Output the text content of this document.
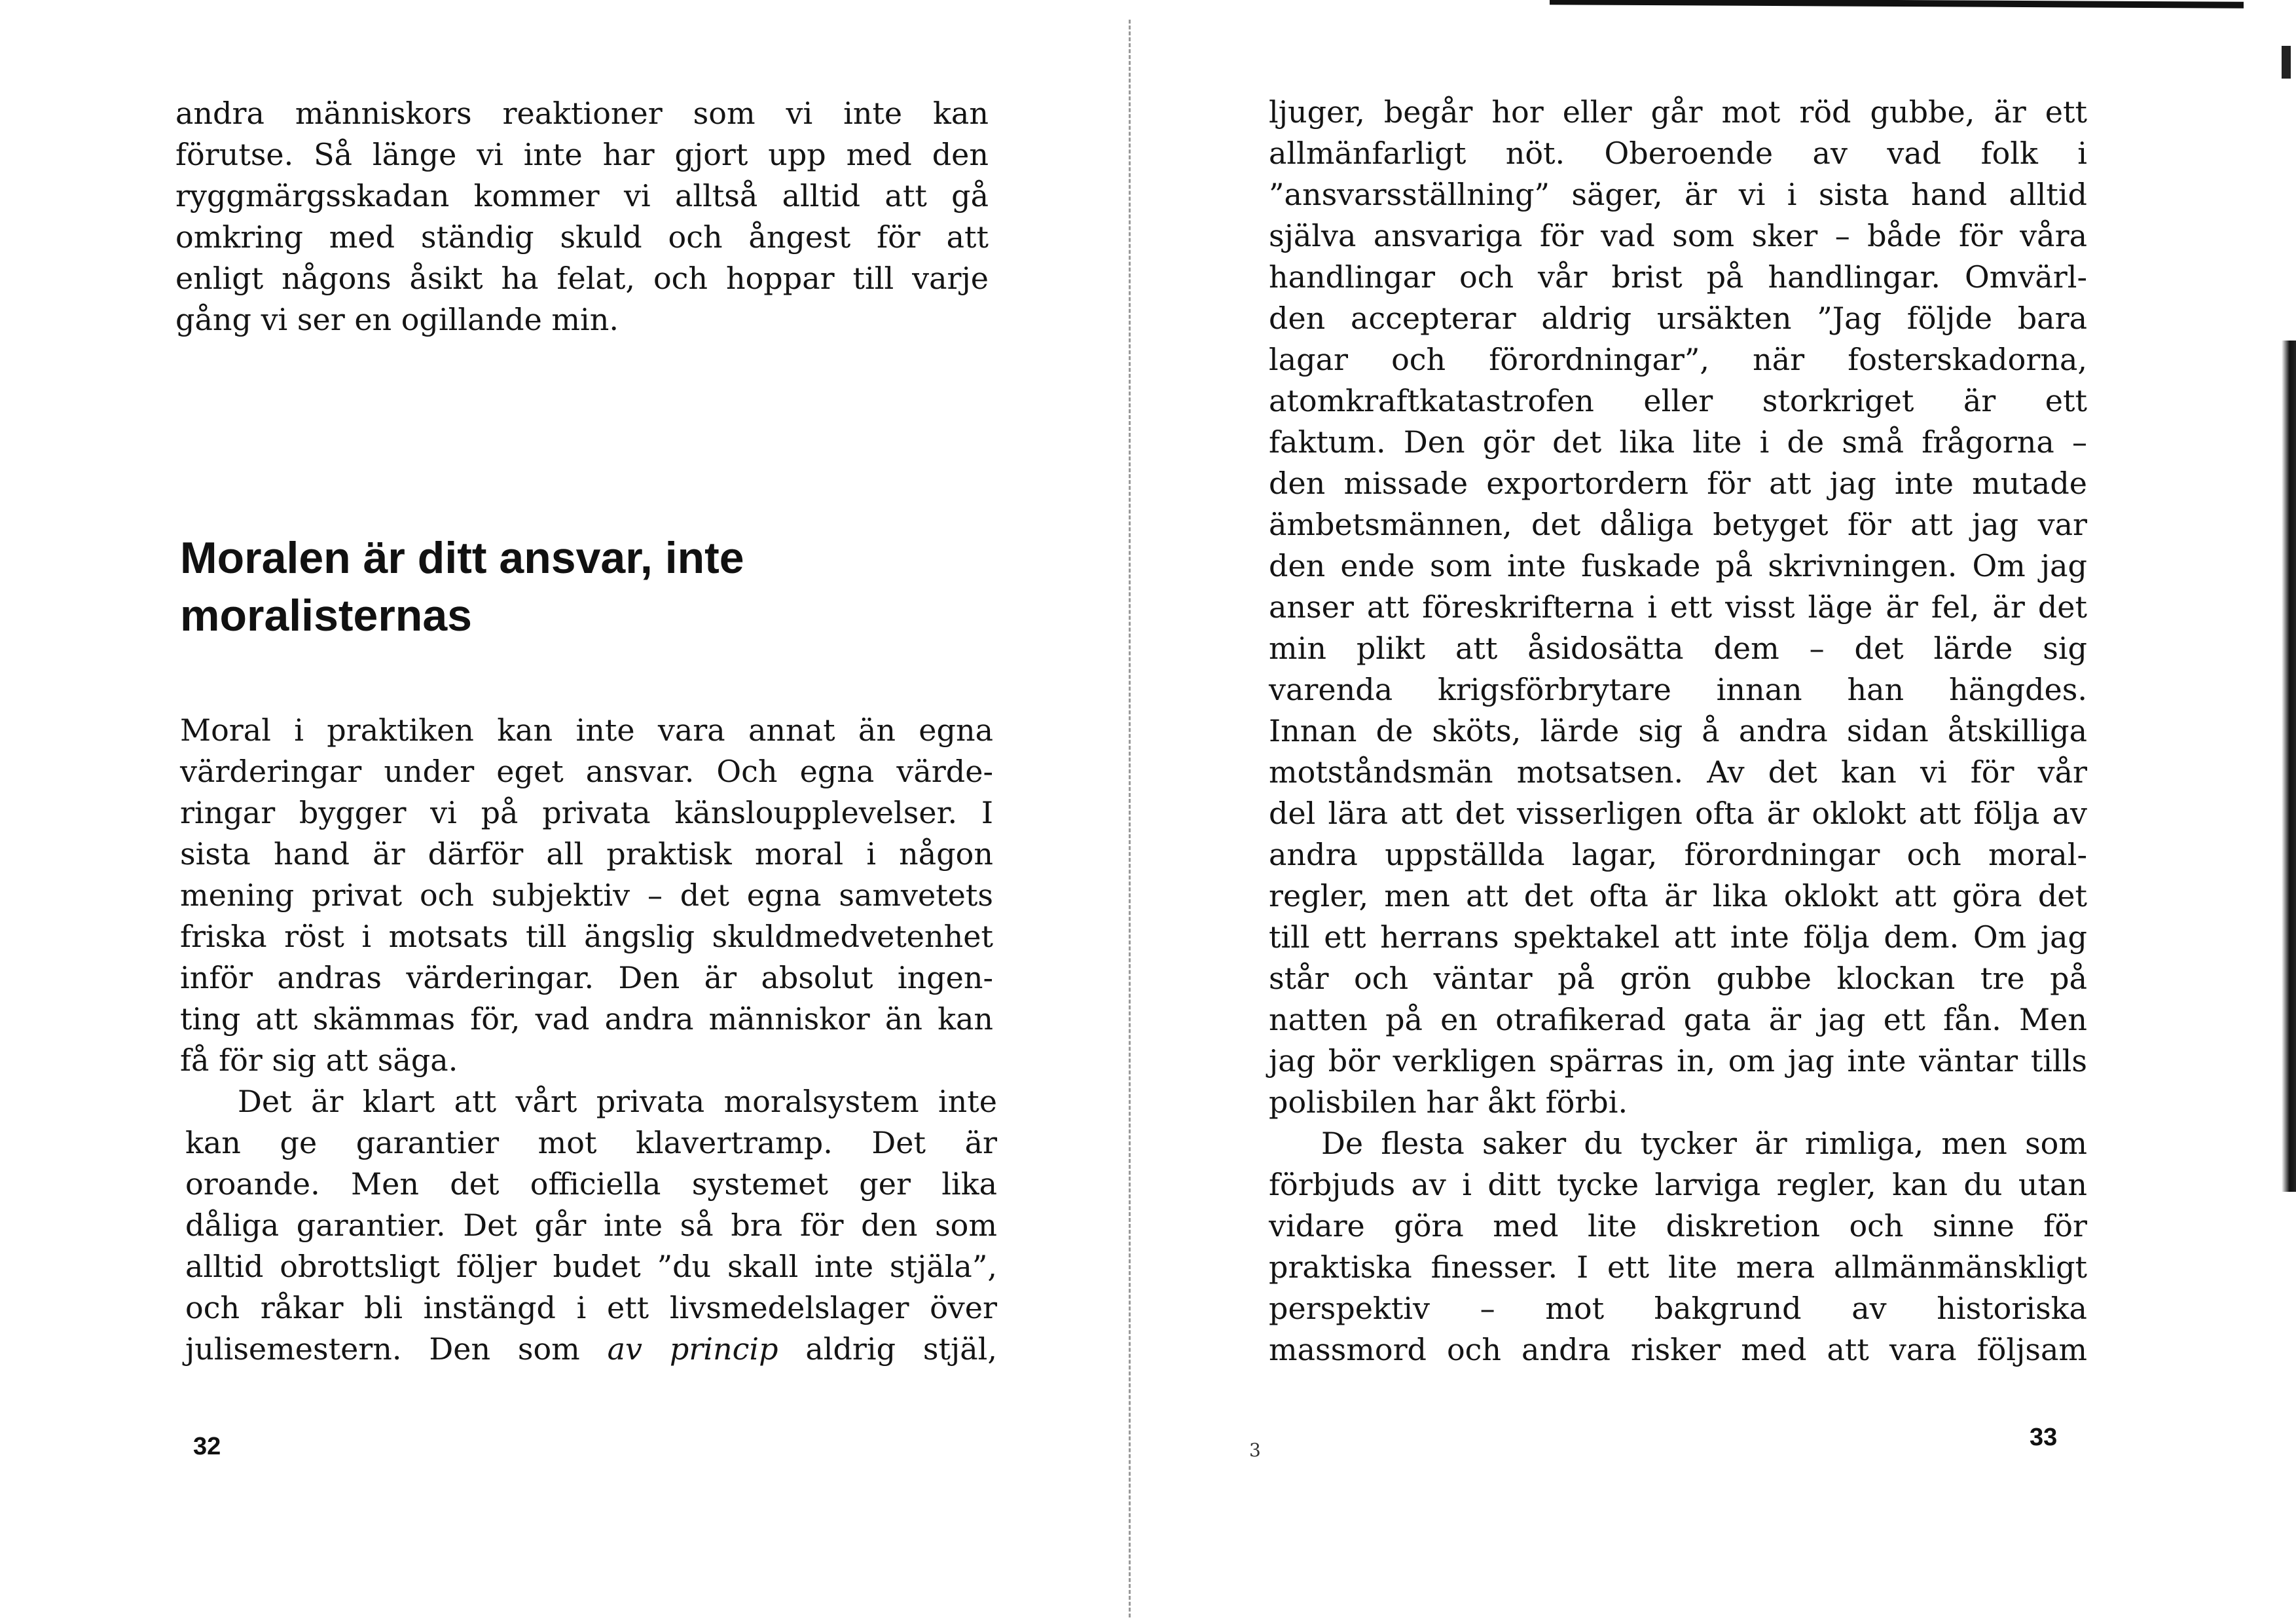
andra människors reaktioner som vi inte kan
förutse. Så länge vi inte har gjort upp med den
ryggmärgsskadan kommer vi alltså alltid att gå
omkring med ständig skuld och ångest för att
enligt någons åsikt ha felat, och hoppar till varje
gång vi ser en ogillande min.
Moralen är ditt ansvar, inte
moralisternas
Moral i praktiken kan inte vara annat än egna
värderingar under eget ansvar. Och egna värde-
ringar bygger vi på privata känsloupplevelser. I
sista hand är därför all praktisk moral i någon
mening privat och subjektiv – det egna samvetets
friska röst i motsats till ängslig skuldmedvetenhet
inför andras värderingar. Den är absolut ingen-
ting att skämmas för, vad andra människor än kan
få för sig att säga.
Det är klart att vårt privata moralsystem inte
kan ge garantier mot klavertramp. Det är
oroande. Men det officiella systemet ger lika
dåliga garantier. Det går inte så bra för den som
alltid obrottsligt följer budet ”du skall inte stjäla”,
och råkar bli instängd i ett livsmedelslager över
julisemestern. Den som av princip aldrig stjäl,
32
ljuger, begår hor eller går mot röd gubbe, är ett
allmänfarligt nöt. Oberoende av vad folk i
”ansvarsställning” säger, är vi i sista hand alltid
själva ansvariga för vad som sker – både för våra
handlingar och vår brist på handlingar. Omvärl-
den accepterar aldrig ursäkten ”Jag följde bara
lagar och förordningar”, när fosterskadorna,
atomkraftkatastrofen eller storkriget är ett
faktum. Den gör det lika lite i de små frågorna –
den missade exportordern för att jag inte mutade
ämbetsmännen, det dåliga betyget för att jag var
den ende som inte fuskade på skrivningen. Om jag
anser att föreskrifterna i ett visst läge är fel, är det
min plikt att åsidosätta dem – det lärde sig
varenda krigsförbrytare innan han hängdes.
Innan de sköts, lärde sig å andra sidan åtskilliga
motståndsmän motsatsen. Av det kan vi för vår
del lära att det visserligen ofta är oklokt att följa av
andra uppställda lagar, förordningar och moral-
regler, men att det ofta är lika oklokt att göra det
till ett herrans spektakel att inte följa dem. Om jag
står och väntar på grön gubbe klockan tre på
natten på en otrafikerad gata är jag ett fån. Men
jag bör verkligen spärras in, om jag inte väntar tills
polisbilen har åkt förbi.
De flesta saker du tycker är rimliga, men som
förbjuds av i ditt tycke larviga regler, kan du utan
vidare göra med lite diskretion och sinne för
praktiska finesser. I ett lite mera allmänmänskligt
perspektiv – mot bakgrund av historiska
massmord och andra risker med att vara följsam
3	33
